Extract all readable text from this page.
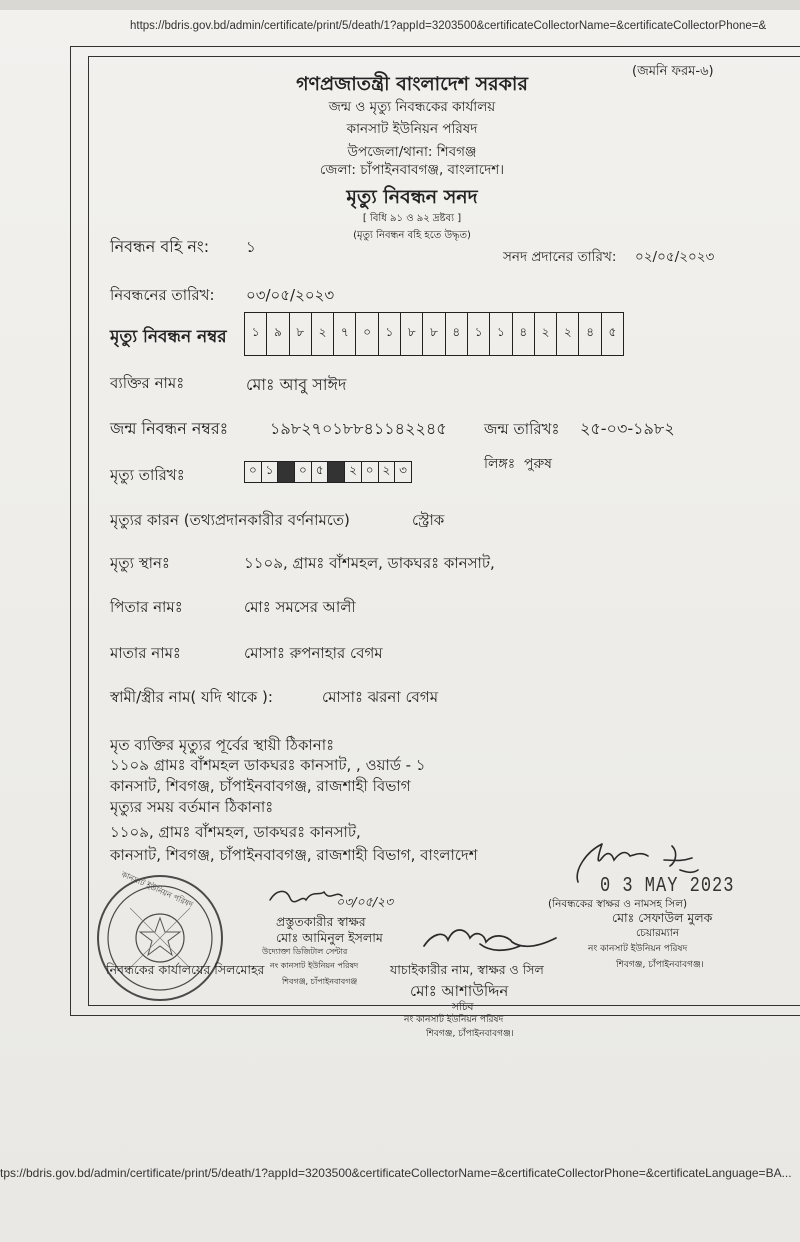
https://bdris.gov.bd/admin/certificate/print/5/death/1?appId=3203500&certificateCollectorName=&certificateCollectorPhone=&
(জমনি ফরম-৬)
গণপ্রজাতন্ত্রী বাংলাদেশ সরকার
জন্ম ও মৃত্যু নিবন্ধকের কার্যালয়
কানসাট ইউনিয়ন পরিষদ
উপজেলা/থানা: শিবগঞ্জ
জেলা: চাঁপাইনবাবগঞ্জ, বাংলাদেশ।
মৃত্যু নিবন্ধন সনদ
[ বিধি ৯১ ও ৯২ দ্রষ্টব্য ]
(মৃত্যু নিবন্ধন বহি হতে উদ্ধৃত)
নিবন্ধন বহি নং: ১
সনদ প্রদানের তারিখ: ০২/০৫/২০২৩
নিবন্ধনের তারিখ: ০৩/০৫/২০২৩
মৃত্যু নিবন্ধন নম্বর	১	৯	৮	২	৭	০	১	৮	৮	৪	১	১	৪	২	২	৪	৫
ব্যক্তির নামঃ	মোঃ আবু সাঈদ
জন্ম নিবন্ধন নম্বরঃ	১৯৮২৭০১৮৮৪১১৪২২৪৫ জন্ম তারিখঃ ২৫-০৩-১৯৮২
লিঙ্গঃ পুরুষ
মৃত্যু তারিখঃ	০ ১	০ ৫	২ ০ ২ ৩
মৃত্যুর কারন (তথ্যপ্রদানকারীর বর্ণনামতে)	স্ট্রোক
মৃত্যু স্থানঃ	১১০৯, গ্রামঃ বাঁশমহল, ডাকঘরঃ কানসাট,
পিতার নামঃ	মোঃ সমসের আলী
মাতার নামঃ	মোসাঃ রুপনাহার বেগম
স্বামী/স্ত্রীর নাম( যদি থাকে ):	মোসাঃ ঝরনা বেগম
মৃত ব্যক্তির মৃত্যুর পূর্বের স্থায়ী ঠিকানাঃ
১১০৯ গ্রামঃ বাঁশমহল ডাকঘরঃ কানসাট, , ওয়ার্ড - ১
কানসাট, শিবগঞ্জ, চাঁপাইনবাবগঞ্জ, রাজশাহী বিভাগ
মৃত্যুর সময় বর্তমান ঠিকানাঃ
১১০৯, গ্রামঃ বাঁশমহল, ডাকঘরঃ কানসাট,
কানসাট, শিবগঞ্জ, চাঁপাইনবাবগঞ্জ, রাজশাহী বিভাগ, বাংলাদেশ
0 3 MAY 2023
(নিবন্ধকের স্বাক্ষর ও নামসহ সিল)
মোঃ সেফাউল মুলক
চেয়ারম্যান
নং কানসাট ইউনিয়ন পরিষদ
শিবগঞ্জ, চাঁপাইনবাবগঞ্জ।
কানসাট ইউনিয়ন পরিষদ	০৩/০৫/২৩
প্রস্তুতকারীর স্বাক্ষর
মোঃ আমিনুল ইসলাম
উদ্যোক্তা ডিজিটাল সেন্টার
নং কানসাট ইউনিয়ন পরিষদ
শিবগঞ্জ, চাঁপাইনবাবগঞ্জ
নিবন্ধকের কার্যালয়ের সিলমোহর	যাচাইকারীর নাম, স্বাক্ষর ও সিল
মোঃ আশাউদ্দিন
সচিব
নং কানসাট ইউনিয়ন পরিষদ
শিবগঞ্জ, চাঁপাইনবাবগঞ্জ।
tps://bdris.gov.bd/admin/certificate/print/5/death/1?appId=3203500&certificateCollectorName=&certificateCollectorPhone=&certificateLanguage=BA...
